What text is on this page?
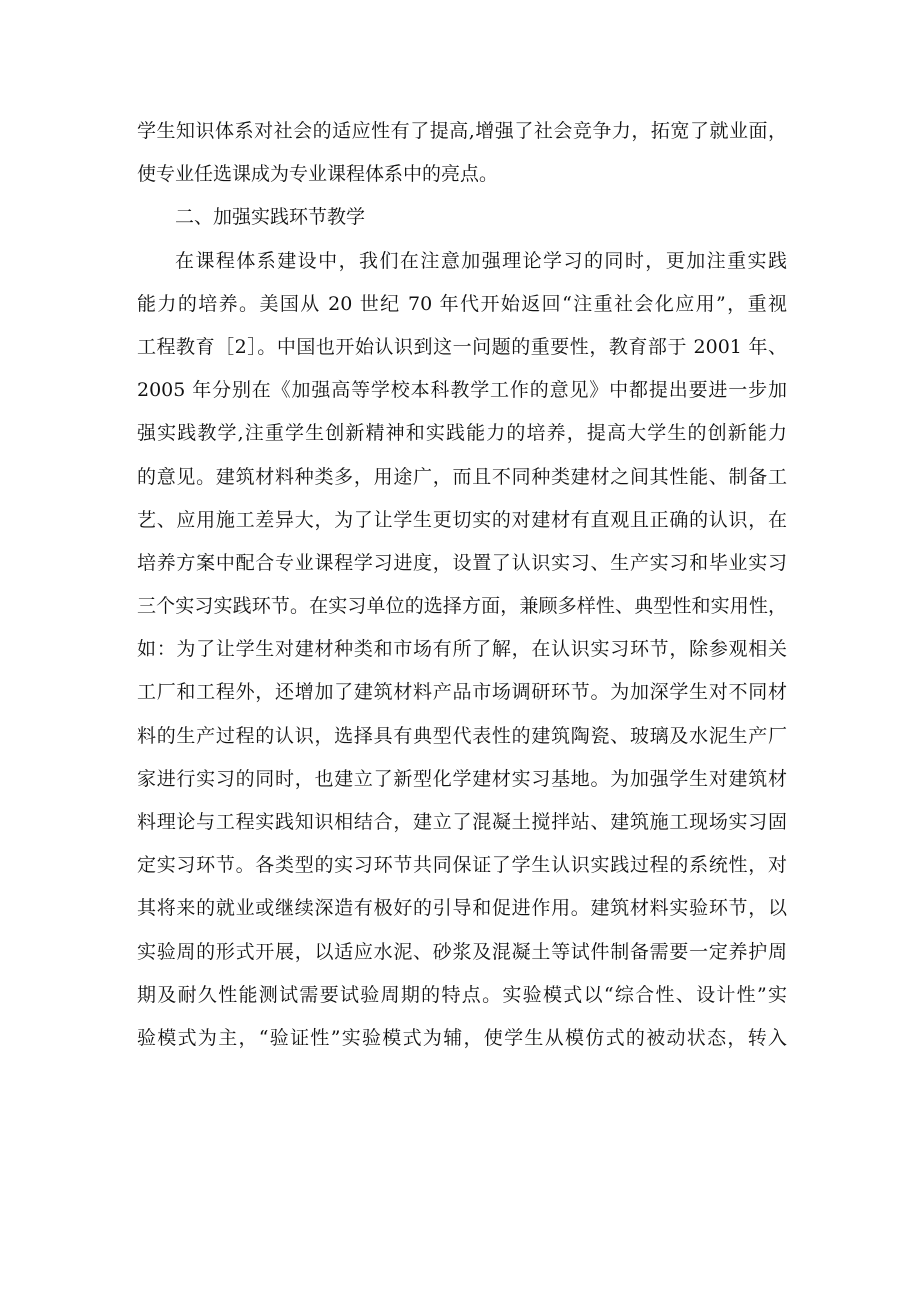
学生知识体系对社会的适应性有了提高,增强了社会竞争力，拓宽了就业面，
使专业任选课成为专业课程体系中的亮点。
二、加强实践环节教学
在课程体系建设中，我们在注意加强理论学习的同时，更加注重实践
能力的培养。美国从 20 世纪 70 年代开始返回“注重社会化应用”，重视
工程教育［2］。中国也开始认识到这一问题的重要性，教育部于 2001 年、
2005 年分别在《加强高等学校本科教学工作的意见》中都提出要进一步加
强实践教学,注重学生创新精神和实践能力的培养，提高大学生的创新能力
的意见。建筑材料种类多，用途广，而且不同种类建材之间其性能、制备工
艺、应用施工差异大，为了让学生更切实的对建材有直观且正确的认识，在
培养方案中配合专业课程学习进度，设置了认识实习、生产实习和毕业实习
三个实习实践环节。在实习单位的选择方面，兼顾多样性、典型性和实用性，
如：为了让学生对建材种类和市场有所了解，在认识实习环节，除参观相关
工厂和工程外，还增加了建筑材料产品市场调研环节。为加深学生对不同材
料的生产过程的认识，选择具有典型代表性的建筑陶瓷、玻璃及水泥生产厂
家进行实习的同时，也建立了新型化学建材实习基地。为加强学生对建筑材
料理论与工程实践知识相结合，建立了混凝土搅拌站、建筑施工现场实习固
定实习环节。各类型的实习环节共同保证了学生认识实践过程的系统性，对
其将来的就业或继续深造有极好的引导和促进作用。建筑材料实验环节，以
实验周的形式开展，以适应水泥、砂浆及混凝土等试件制备需要一定养护周
期及耐久性能测试需要试验周期的特点。实验模式以“综合性、设计性”实
验模式为主，“验证性”实验模式为辅，使学生从模仿式的被动状态，转入
